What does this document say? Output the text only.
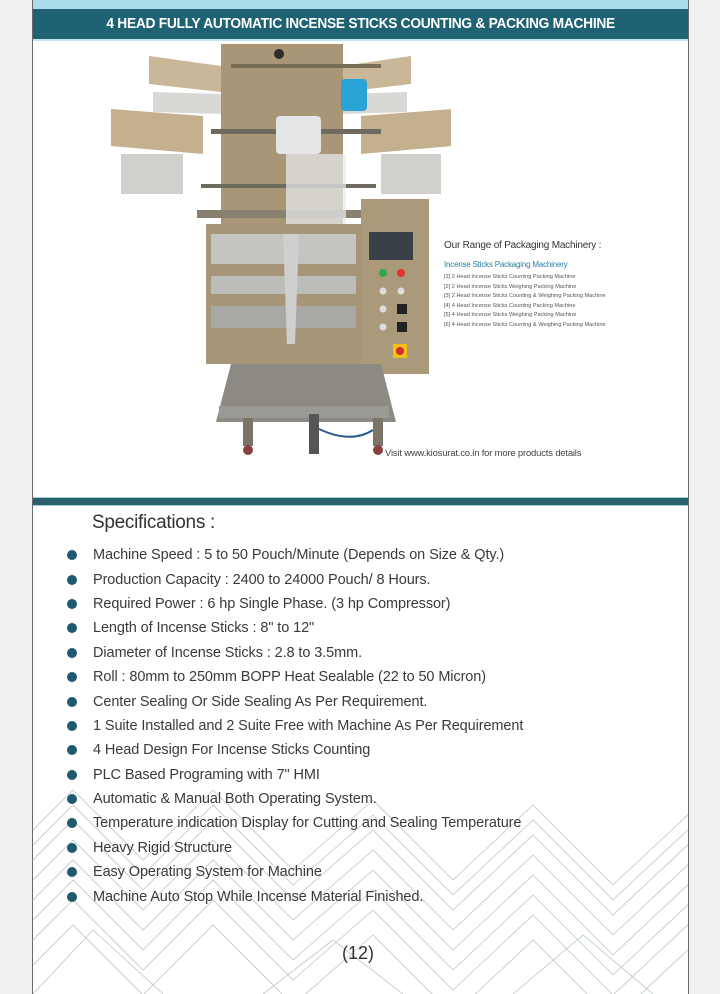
4 HEAD FULLY AUTOMATIC INCENSE STICKS COUNTING & PACKING MACHINE
Our Range of Packaging Machinery :
Incense Sticks Packaging Machinery
[1] 2 Head Incense Sticks Counting Packing Machine
[2] 2 Head Incense Sticks Weighing Packing Machine
[3] 2 Head Incense Sticks Counting & Weighing Packing Machine
[4] 4 Head Incense Sticks Counting Packing Machine
[5] 4 Head Incense Sticks Weighing Packing Machine
[6] 4 Head Incense Sticks Counting & Weighing Packing Machine
Visit www.kiosurat.co.in for more products details
Specifications :
Machine Speed : 5 to 50 Pouch/Minute (Depends on Size & Qty.)
Production Capacity : 2400 to 24000 Pouch/ 8 Hours.
Required Power : 6 hp Single Phase. (3 hp Compressor)
Length of Incense Sticks : 8" to 12"
Diameter of Incense Sticks : 2.8 to 3.5mm.
Roll : 80mm to 250mm BOPP Heat Sealable (22 to 50 Micron)
Center Sealing Or Side Sealing As Per Requirement.
1 Suite Installed and 2 Suite Free with Machine As Per Requirement
4 Head Design For Incense Sticks Counting
PLC Based Programing with 7" HMI
Automatic & Manual Both Operating System.
Temperature indication Display for Cutting and Sealing Temperature
Heavy Rigid Structure
Easy Operating System for Machine
Machine Auto Stop While Incense Material Finished.
(12)
